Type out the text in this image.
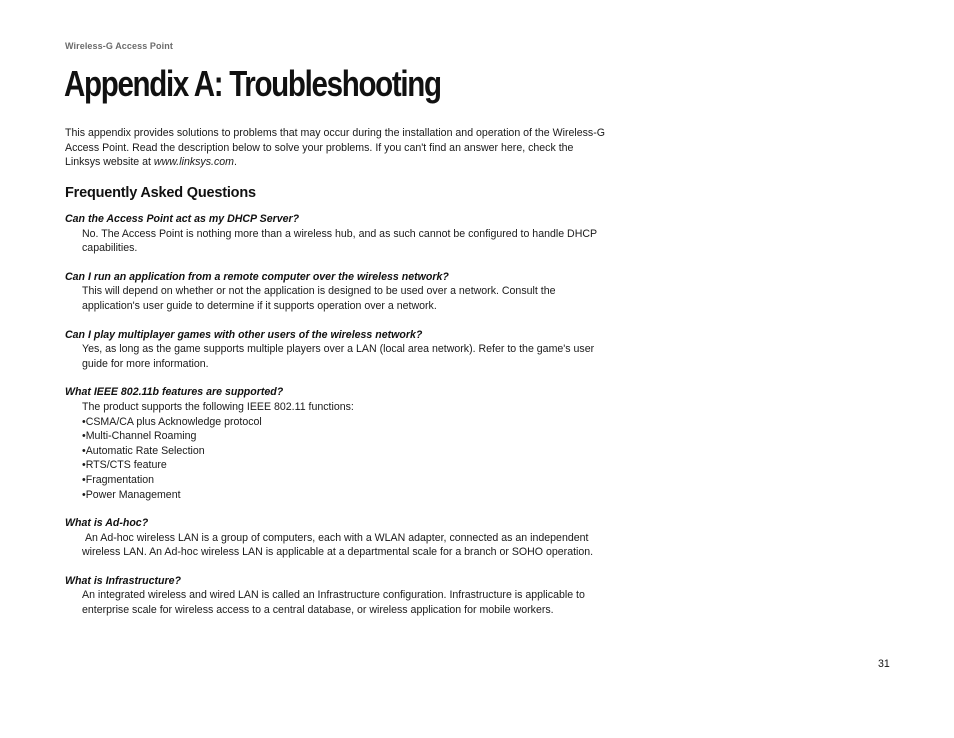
Wireless-G Access Point
Appendix A: Troubleshooting

This appendix provides solutions to problems that may occur during the installation and operation of the Wireless-G Access Point. Read the description below to solve your problems. If you can't find an answer here, check the Linksys website at www.linksys.com.

Frequently Asked Questions
Can the Access Point act as my DHCP Server?
No. The Access Point is nothing more than a wireless hub, and as such cannot be configured to handle DHCP capabilities.
Can I run an application from a remote computer over the wireless network?
This will depend on whether or not the application is designed to be used over a network. Consult the application's user guide to determine if it supports operation over a network.
Can I play multiplayer games with other users of the wireless network?
Yes, as long as the game supports multiple players over a LAN (local area network). Refer to the game's user guide for more information.
What IEEE 802.11b features are supported?
The product supports the following IEEE 802.11 functions:
• CSMA/CA plus Acknowledge protocol
• Multi-Channel Roaming
• Automatic Rate Selection
• RTS/CTS feature
• Fragmentation
• Power Management
What is Ad-hoc?
An Ad-hoc wireless LAN is a group of computers, each with a WLAN adapter, connected as an independent wireless LAN. An Ad-hoc wireless LAN is applicable at a departmental scale for a branch or SOHO operation.
What is Infrastructure?
An integrated wireless and wired LAN is called an Infrastructure configuration. Infrastructure is applicable to enterprise scale for wireless access to a central database, or wireless application for mobile workers.
31
